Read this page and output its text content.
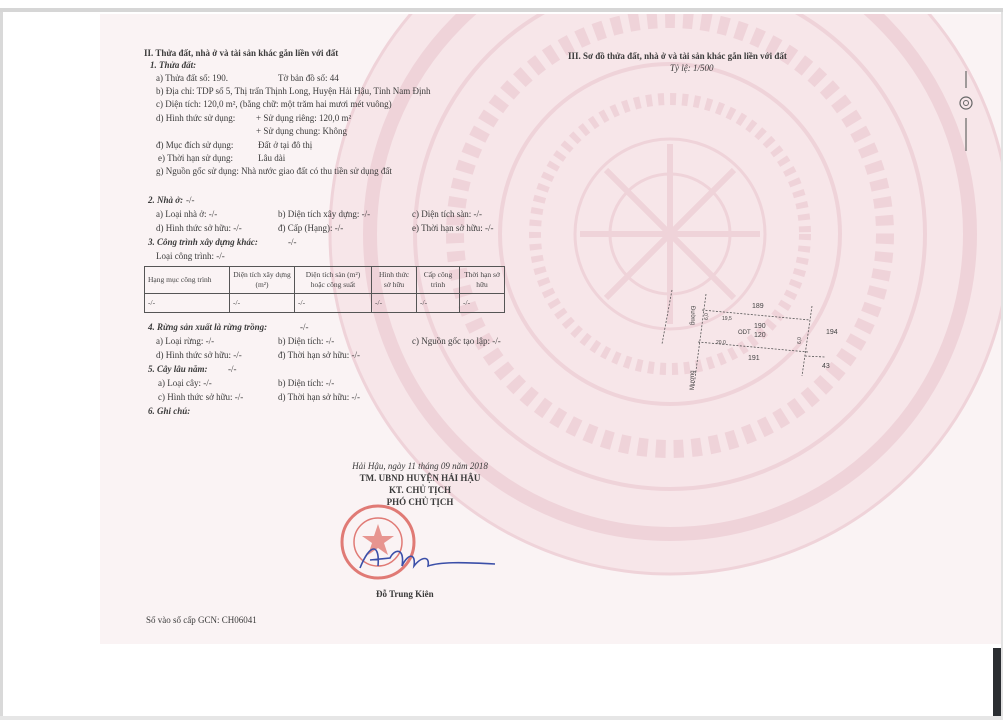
II. Thửa đất, nhà ở và tài sản khác gắn liền với đất
1. Thửa đất:
a) Thửa đất số: 190.	Tờ bản đồ số: 44
b) Địa chỉ: TDP số 5, Thị trấn Thịnh Long, Huyện Hải Hậu, Tỉnh Nam Định
c) Diện tích: 120,0 m², (bằng chữ: một trăm hai mươi mét vuông)
d) Hình thức sử dụng: + Sử dụng riêng: 120,0 m²
+ Sử dụng chung: Không
đ) Mục đích sử dụng:	Đất ở tại đô thị
e) Thời hạn sử dụng:	Lâu dài
g) Nguồn gốc sử dụng: Nhà nước giao đất có thu tiền sử dụng đất
2. Nhà ở: -/-
a) Loại nhà ở: -/-	b) Diện tích xây dựng: -/-	c) Diện tích sàn: -/-
d) Hình thức sở hữu: -/-	đ) Cấp (Hạng): -/-	e) Thời hạn sở hữu: -/-
3. Công trình xây dựng khác:	-/-
Loại công trình: -/-
Hạng mục công trình	Diện tích xây dựng (m²)	Diện tích sàn (m²) hoặc công suất	Hình thức sở hữu	Cấp công trình	Thời hạn sở hữu
-/-	-/-	-/-	-/-	-/-	-/-
4. Rừng sản xuất là rừng trồng:	-/-
a) Loại rừng: -/-	b) Diện tích: -/-	c) Nguồn gốc tạo lập: -/-
d) Hình thức sở hữu: -/-	đ) Thời hạn sở hữu: -/-
5. Cây lâu năm: -/-
a) Loại cây: -/-	b) Diện tích: -/-
c) Hình thức sở hữu: -/-	d) Thời hạn sở hữu: -/-
6. Ghi chú:
III. Sơ đồ thửa đất, nhà ở và tài sản khác gắn liền với đất
Tỷ lệ: 1/500
189
19,5
190
ODT 120
20,0
191
194
43
Đường
Mương
6,0
6,0
Hải Hậu, ngày 11 tháng 09 năm 2018
TM. UBND HUYỆN HẢI HẬU
KT. CHỦ TỊCH
PHÓ CHỦ TỊCH
Đỗ Trung Kiên
Số vào sổ cấp GCN: CH06041
